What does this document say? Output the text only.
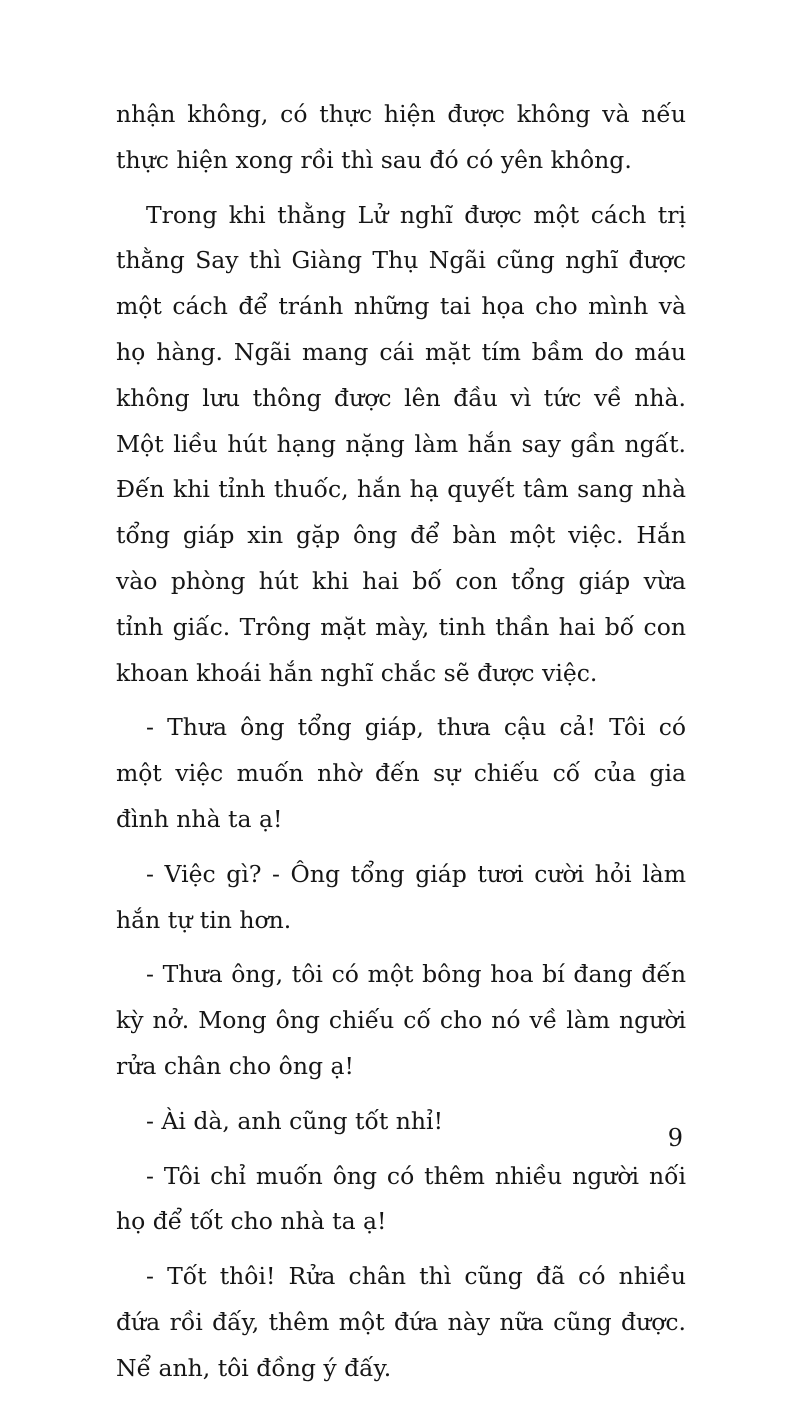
nhận không, có thực hiện được không và nếu thực hiện xong rồi thì sau đó có yên không.

Trong khi thằng Lử nghĩ được một cách trị thằng Say thì Giàng Thụ Ngãi cũng nghĩ được một cách để tránh những tai họa cho mình và họ hàng. Ngãi mang cái mặt tím bầm do máu không lưu thông được lên đầu vì tức về nhà. Một liều hút hạng nặng làm hắn say gần ngất. Đến khi tỉnh thuốc, hắn hạ quyết tâm sang nhà tổng giáp xin gặp ông để bàn một việc. Hắn vào phòng hút khi hai bố con tổng giáp vừa tỉnh giấc. Trông mặt mày, tinh thần hai bố con khoan khoái hắn nghĩ chắc sẽ được việc.

- Thưa ông tổng giáp, thưa cậu cả! Tôi có một việc muốn nhờ đến sự chiếu cố của gia đình nhà ta ạ!

- Việc gì? - Ông tổng giáp tươi cười hỏi làm hắn tự tin hơn.

- Thưa ông, tôi có một bông hoa bí đang đến kỳ nở. Mong ông chiếu cố cho nó về làm người rửa chân cho ông ạ!

- Ài dà, anh cũng tốt nhỉ!

- Tôi chỉ muốn ông có thêm nhiều người nối họ để tốt cho nhà ta ạ!

- Tốt thôi! Rửa chân thì cũng đã có nhiều đứa rồi đấy, thêm một đứa này nữa cũng được. Nể anh, tôi đồng ý đấy.

9
